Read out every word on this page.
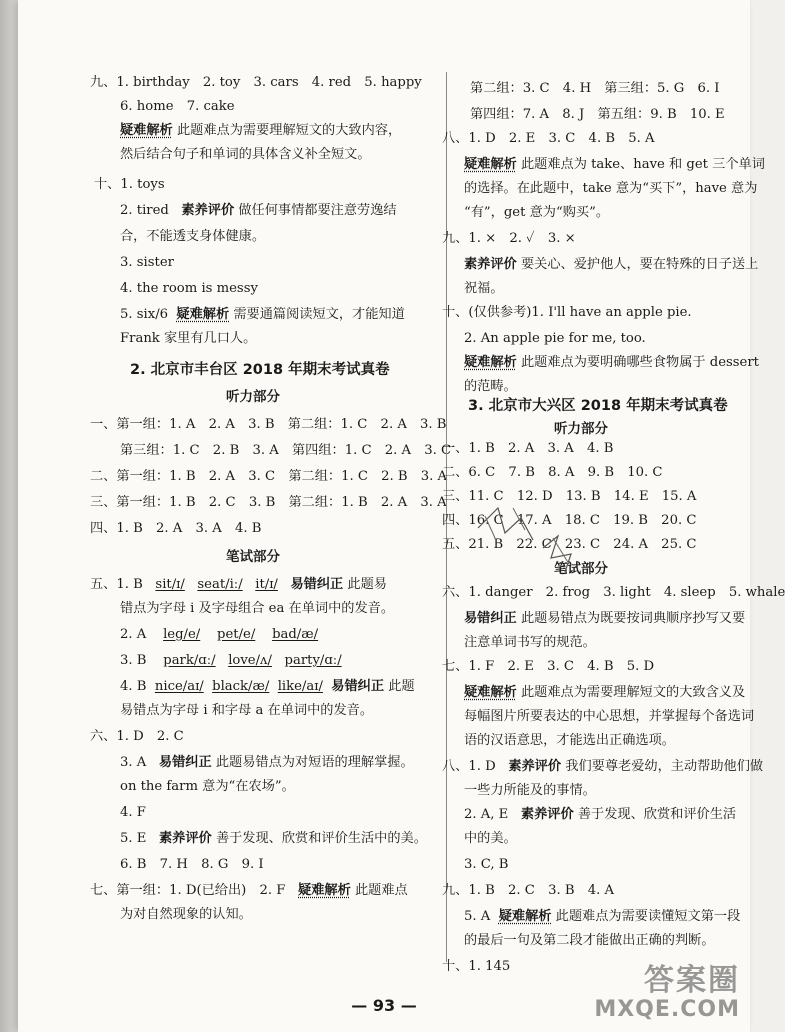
九、1. birthday　2. toy　3. cars　4. red　5. happy
6. home　7. cake
疑难解析 此题难点为需要理解短文的大致内容，
然后结合句子和单词的具体含义补全短文。
十、1. toys
2. tired 素养评价 做任何事情都要注意劳逸结
合，不能透支身体健康。
3. sister
4. the room is messy
5. six/6 疑难解析 需要通篇阅读短文，才能知道
Frank 家里有几口人。
2. 北京市丰台区 2018 年期末考试真卷
听力部分
一、第一组：1. A　2. A　3. B　第二组：1. C　2. A　3. B
第三组：1. C　2. B　3. A　第四组：1. C　2. A　3. C
二、第一组：1. B　2. A　3. C　第二组：1. C　2. B　3. A
三、第一组：1. B　2. C　3. B　第二组：1. B　2. A　3. A
四、1. B　2. A　3. A　4. B
笔试部分
五、1. B sit/ɪ/ seat/iː/ it/ɪ/ 易错纠正 此题易
错点为字母 i 及字母组合 ea 在单词中的发音。
2. A leg/e/ pet/e/ bad/æ/
3. B park/ɑː/ love/ʌ/ party/ɑː/
4. B nice/aɪ/ black/æ/ like/aɪ/ 易错纠正 此题
易错点为字母 i 和字母 a 在单词中的发音。
六、1. D　2. C
3. A 易错纠正 此题易错点为对短语的理解掌握。
on the farm 意为“在农场”。
4. F
5. E 素养评价 善于发现、欣赏和评价生活中的美。
6. B　7. H　8. G　9. I
七、第一组：1. D(已给出)　2. F 疑难解析 此题难点
为对自然现象的认知。
第二组：3. C　4. H　第三组：5. G　6. I
第四组：7. A　8. J　第五组：9. B　10. E
八、1. D　2. E　3. C　4. B　5. A
疑难解析 此题难点为 take、have 和 get 三个单词
的选择。在此题中，take 意为“买下”，have 意为
“有”，get 意为“购买”。
九、1. ×　2. ✓　3. ×
素养评价 要关心、爱护他人，要在特殊的日子送上
祝福。
十、(仅供参考)1. I'll have an apple pie.
2. An apple pie for me, too.
疑难解析 此题难点为要明确哪些食物属于 dessert
的范畴。
3. 北京市大兴区 2018 年期末考试真卷
听力部分
一、1. B　2. A　3. A　4. B
二、6. C　7. B　8. A　9. B　10. C
三、11. C　12. D　13. B　14. E　15. A
四、16. C　17. A　18. C　19. B　20. C
五、21. B　22. C　23. C　24. A　25. C
笔试部分
六、1. danger　2. frog　3. light　4. sleep　5. whale
易错纠正 此题易错点为既要按词典顺序抄写又要
注意单词书写的规范。
七、1. F　2. E　3. C　4. B　5. D
疑难解析 此题难点为需要理解短文的大致含义及
每幅图片所要表达的中心思想，并掌握每个备选词
语的汉语意思，才能选出正确选项。
八、1. D 素养评价 我们要尊老爱幼，主动帮助他们做
一些力所能及的事情。
2. A, E 素养评价 善于发现、欣赏和评价生活
中的美。
3. C, B
九、1. B　2. C　3. B　4. A
5. A 疑难解析 此题难点为需要读懂短文第一段
的最后一句及第二段才能做出正确的判断。
十、1. 145
— 93 —
答案圈
MXQE.COM
